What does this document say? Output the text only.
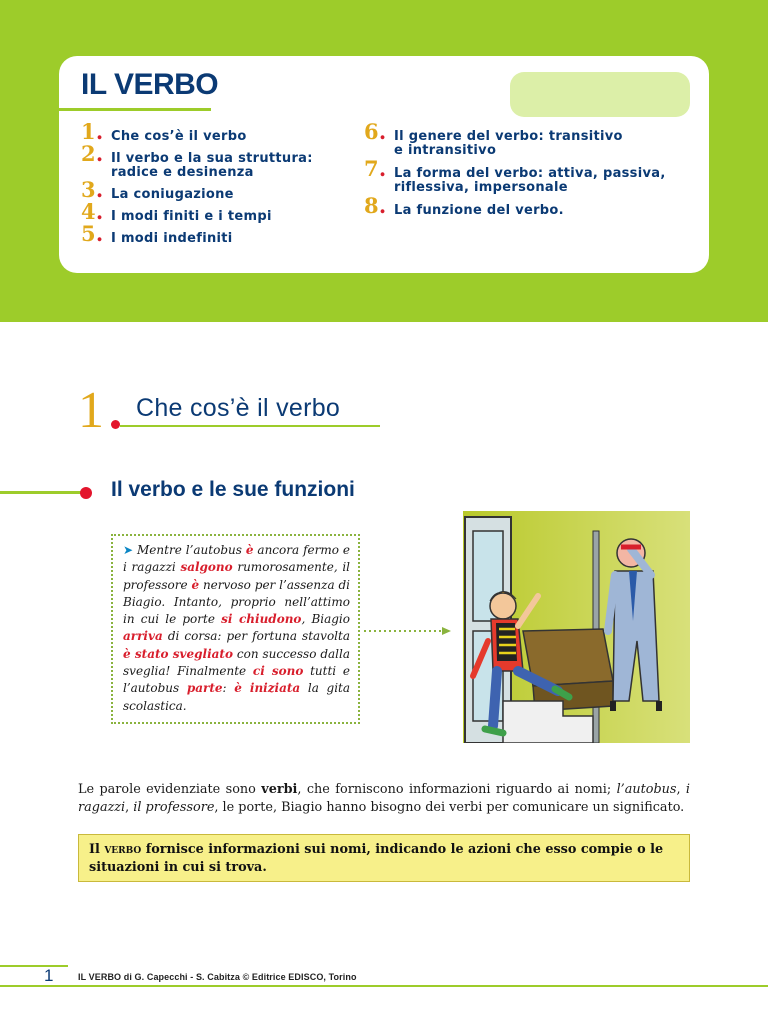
IL VERBO
1. Che cos’è il verbo
2. Il verbo e la sua struttura:
radice e desinenza
3. La coniugazione
4. I modi finiti e i tempi
5. I modi indefiniti
6. Il genere del verbo: transitivo
e intransitivo
7. La forma del verbo: attiva, passiva,
riflessiva, impersonale
8. La funzione del verbo.
1 Che cos’è il verbo
Il verbo e le sue funzioni
➤ Mentre l’autobus è ancora fermo e i ragazzi salgono rumorosamente, il professore è nervoso per l’assenza di Biagio. Intanto, proprio nell’attimo in cui le porte si chiudono, Biagio arriva di corsa: per fortuna stavolta è stato svegliato con successo dalla sveglia! Finalmente ci sono tutti e l’autobus parte: è iniziata la gita scolastica.

Le parole evidenziate sono verbi, che forniscono informazioni riguardo ai nomi; l’autobus, i ragazzi, il professore, le porte, Biagio hanno bisogno dei verbi per comunicare un significato.

Il verbo fornisce informazioni sui nomi, indicando le azioni che esso compie o le situazioni in cui si trova.
1	IL VERBO di G. Capecchi - S. Cabitza © Editrice EDISCO, Torino
